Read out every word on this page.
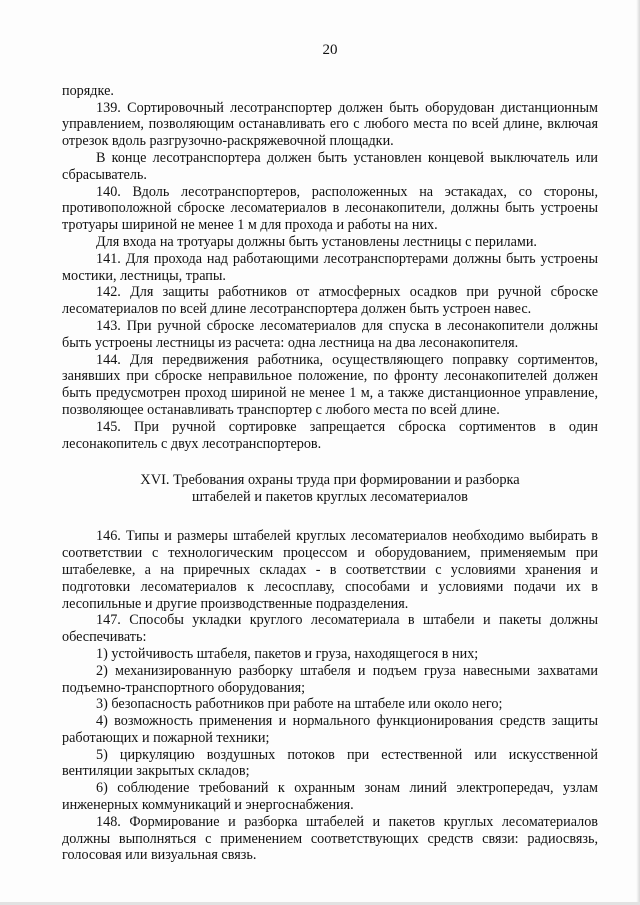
20

порядке.

139. Сортировочный лесотранспортер должен быть оборудован дистанционным управлением, позволяющим останавливать его с любого места по всей длине, включая отрезок вдоль разгрузочно-раскряжевочной площадки.

В конце лесотранспортера должен быть установлен концевой выключатель или сбрасыватель.

140. Вдоль лесотранспортеров, расположенных на эстакадах, со стороны, противоположной сброске лесоматериалов в лесонакопители, должны быть устроены тротуары шириной не менее 1 м для прохода и работы на них.

Для входа на тротуары должны быть установлены лестницы с перилами.

141. Для прохода над работающими лесотранспортерами должны быть устроены мостики, лестницы, трапы.

142. Для защиты работников от атмосферных осадков при ручной сброске лесоматериалов по всей длине лесотранспортера должен быть устроен навес.

143. При ручной сброске лесоматериалов для спуска в лесонакопители должны быть устроены лестницы из расчета: одна лестница на два лесонакопителя.

144. Для передвижения работника, осуществляющего поправку сортиментов, занявших при сброске неправильное положение, по фронту лесонакопителей должен быть предусмотрен проход шириной не менее 1 м, а также дистанционное управление, позволяющее останавливать транспортер с любого места по всей длине.

145. При ручной сортировке запрещается сброска сортиментов в один лесонакопитель с двух лесотранспортеров.

XVI. Требования охраны труда при формировании и разборка
штабелей и пакетов круглых лесоматериалов

146. Типы и размеры штабелей круглых лесоматериалов необходимо выбирать в соответствии с технологическим процессом и оборудованием, применяемым при штабелевке, а на приречных складах - в соответствии с условиями хранения и подготовки лесоматериалов к лесосплаву, способами и условиями подачи их в лесопильные и другие производственные подразделения.

147. Способы укладки круглого лесоматериала в штабели и пакеты должны обеспечивать:

1) устойчивость штабеля, пакетов и груза, находящегося в них;

2) механизированную разборку штабеля и подъем груза навесными захватами подъемно-транспортного оборудования;

3) безопасность работников при работе на штабеле или около него;

4) возможность применения и нормального функционирования средств защиты работающих и пожарной техники;

5) циркуляцию воздушных потоков при естественной или искусственной вентиляции закрытых складов;

6) соблюдение требований к охранным зонам линий электропередач, узлам инженерных коммуникаций и энергоснабжения.

148. Формирование и разборка штабелей и пакетов круглых лесоматериалов должны выполняться с применением соответствующих средств связи: радиосвязь, голосовая или визуальная связь.
